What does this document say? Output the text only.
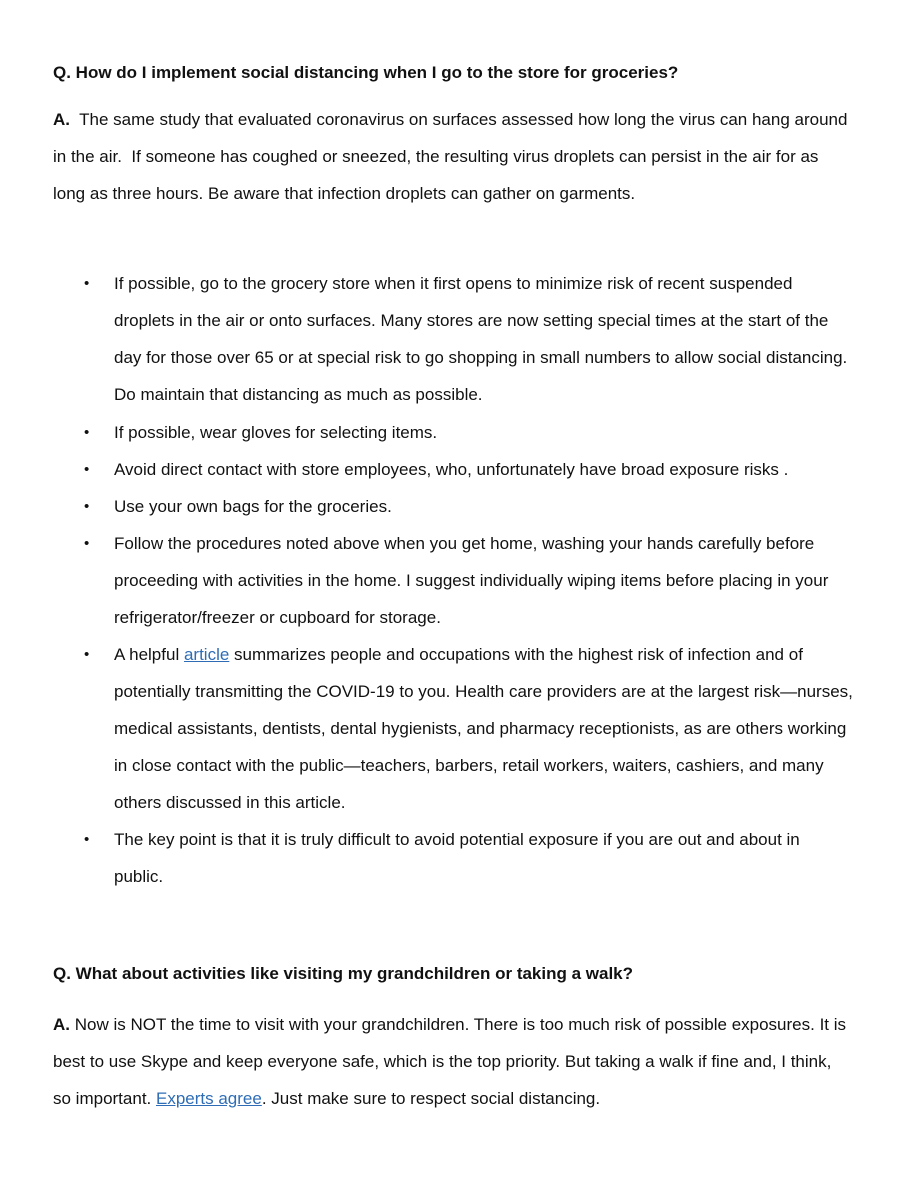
Q. How do I implement social distancing when I go to the store for groceries?
A.  The same study that evaluated coronavirus on surfaces assessed how long the virus can hang around in the air.  If someone has coughed or sneezed, the resulting virus droplets can persist in the air for as long as three hours. Be aware that infection droplets can gather on garments.
• If possible, go to the grocery store when it first opens to minimize risk of recent suspended droplets in the air or onto surfaces. Many stores are now setting special times at the start of the day for those over 65 or at special risk to go shopping in small numbers to allow social distancing. Do maintain that distancing as much as possible.
• If possible, wear gloves for selecting items.
• Avoid direct contact with store employees, who, unfortunately have broad exposure risks .
• Use your own bags for the groceries.
• Follow the procedures noted above when you get home, washing your hands carefully before proceeding with activities in the home. I suggest individually wiping items before placing in your refrigerator/freezer or cupboard for storage.
• A helpful article summarizes people and occupations with the highest risk of infection and of potentially transmitting the COVID-19 to you. Health care providers are at the largest risk—nurses, medical assistants, dentists, dental hygienists, and pharmacy receptionists, as are others working in close contact with the public—teachers, barbers, retail workers, waiters, cashiers, and many others discussed in this article.
• The key point is that it is truly difficult to avoid potential exposure if you are out and about in public.
Q. What about activities like visiting my grandchildren or taking a walk?
A. Now is NOT the time to visit with your grandchildren. There is too much risk of possible exposures. It is best to use Skype and keep everyone safe, which is the top priority. But taking a walk if fine and, I think, so important. Experts agree. Just make sure to respect social distancing.
